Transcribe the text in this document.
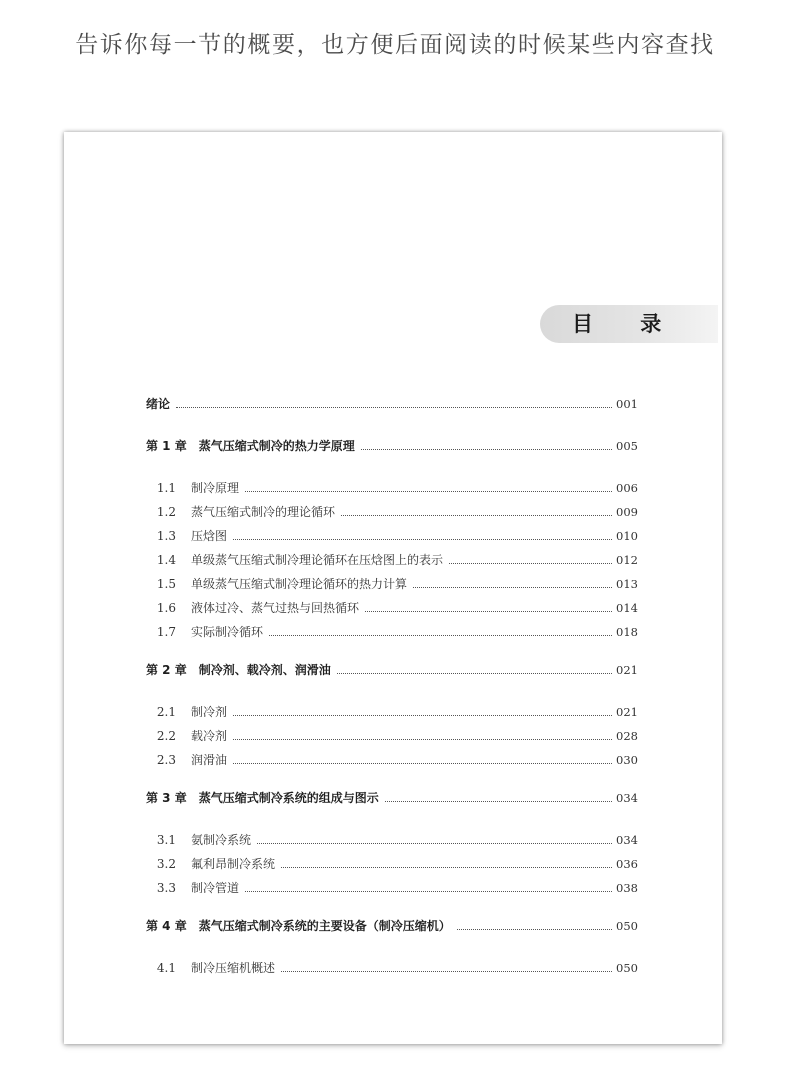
告诉你每一节的概要，也方便后面阅读的时候某些内容查找
目 录
绪论	001
第 1 章 蒸气压缩式制冷的热力学原理	005
1.1 制冷原理	006
1.2 蒸气压缩式制冷的理论循环	009
1.3 压焓图	010
1.4 单级蒸气压缩式制冷理论循环在压焓图上的表示	012
1.5 单级蒸气压缩式制冷理论循环的热力计算	013
1.6 液体过冷、蒸气过热与回热循环	014
1.7 实际制冷循环	018
第 2 章 制冷剂、载冷剂、润滑油	021
2.1 制冷剂	021
2.2 载冷剂	028
2.3 润滑油	030
第 3 章 蒸气压缩式制冷系统的组成与图示	034
3.1 氨制冷系统	034
3.2 氟利昂制冷系统	036
3.3 制冷管道	038
第 4 章 蒸气压缩式制冷系统的主要设备（制冷压缩机）	050
4.1 制冷压缩机概述	050
